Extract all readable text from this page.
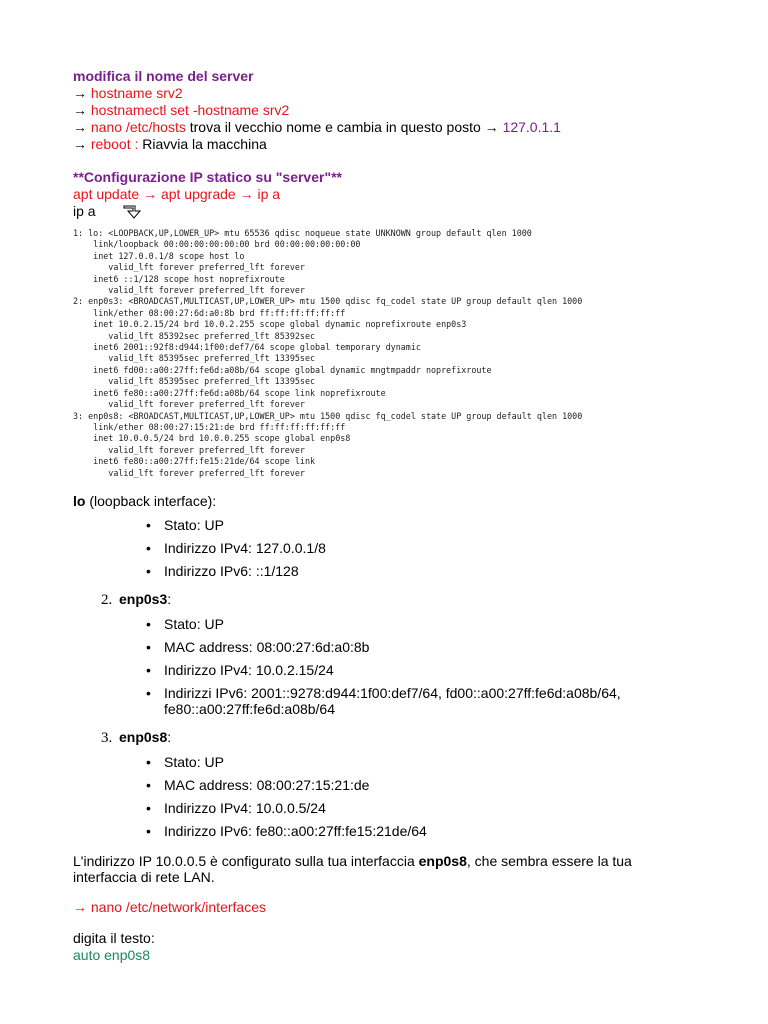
modifica il nome del server
→ hostname srv2
→ hostnamectl set -hostname srv2
→ nano /etc/hosts trova il vecchio nome e cambia in questo posto → 127.0.1.1
→ reboot : Riavvia la macchina
**Configurazione IP statico su "server"**
apt update → apt upgrade → ip a
ip a
1: lo: <LOOPBACK,UP,LOWER_UP> mtu 65536 qdisc noqueue state UNKNOWN group default qlen 1000
link/loopback 00:00:00:00:00:00 brd 00:00:00:00:00:00
inet 127.0.0.1/8 scope host lo
valid_lft forever preferred_lft forever
inet6 ::1/128 scope host noprefixroute
valid_lft forever preferred_lft forever
2: enp0s3: <BROADCAST,MULTICAST,UP,LOWER_UP> mtu 1500 qdisc fq_codel state UP group default qlen 1000
link/ether 08:00:27:6d:a0:8b brd ff:ff:ff:ff:ff:ff
inet 10.0.2.15/24 brd 10.0.2.255 scope global dynamic noprefixroute enp0s3
valid_lft 85392sec preferred_lft 85392sec
inet6 2001::92f8:d944:1f00:def7/64 scope global temporary dynamic
valid_lft 85395sec preferred_lft 13395sec
inet6 fd00::a00:27ff:fe6d:a08b/64 scope global dynamic mngtmpaddr noprefixroute
valid_lft 85395sec preferred_lft 13395sec
inet6 fe80::a00:27ff:fe6d:a08b/64 scope link noprefixroute
valid_lft forever preferred_lft forever
3: enp0s8: <BROADCAST,MULTICAST,UP,LOWER_UP> mtu 1500 qdisc fq_codel state UP group default qlen 1000
link/ether 08:00:27:15:21:de brd ff:ff:ff:ff:ff:ff
inet 10.0.0.5/24 brd 10.0.0.255 scope global enp0s8
valid_lft forever preferred_lft forever
inet6 fe80::a00:27ff:fe15:21de/64 scope link
valid_lft forever preferred_lft forever
lo (loopback interface):
• Stato: UP
• Indirizzo IPv4: 127.0.0.1/8
• Indirizzo IPv6: ::1/128
2. enp0s3:
• Stato: UP
• MAC address: 08:00:27:6d:a0:8b
• Indirizzo IPv4: 10.0.2.15/24
• Indirizzi IPv6: 2001::9278:d944:1f00:def7/64, fd00::a00:27ff:fe6d:a08b/64, fe80::a00:27ff:fe6d:a08b/64
3. enp0s8:
• Stato: UP
• MAC address: 08:00:27:15:21:de
• Indirizzo IPv4: 10.0.0.5/24
• Indirizzo IPv6: fe80::a00:27ff:fe15:21de/64
L'indirizzo IP 10.0.0.5 è configurato sulla tua interfaccia enp0s8, che sembra essere la tua interfaccia di rete LAN.
→ nano /etc/network/interfaces
digita il testo:
auto enp0s8
